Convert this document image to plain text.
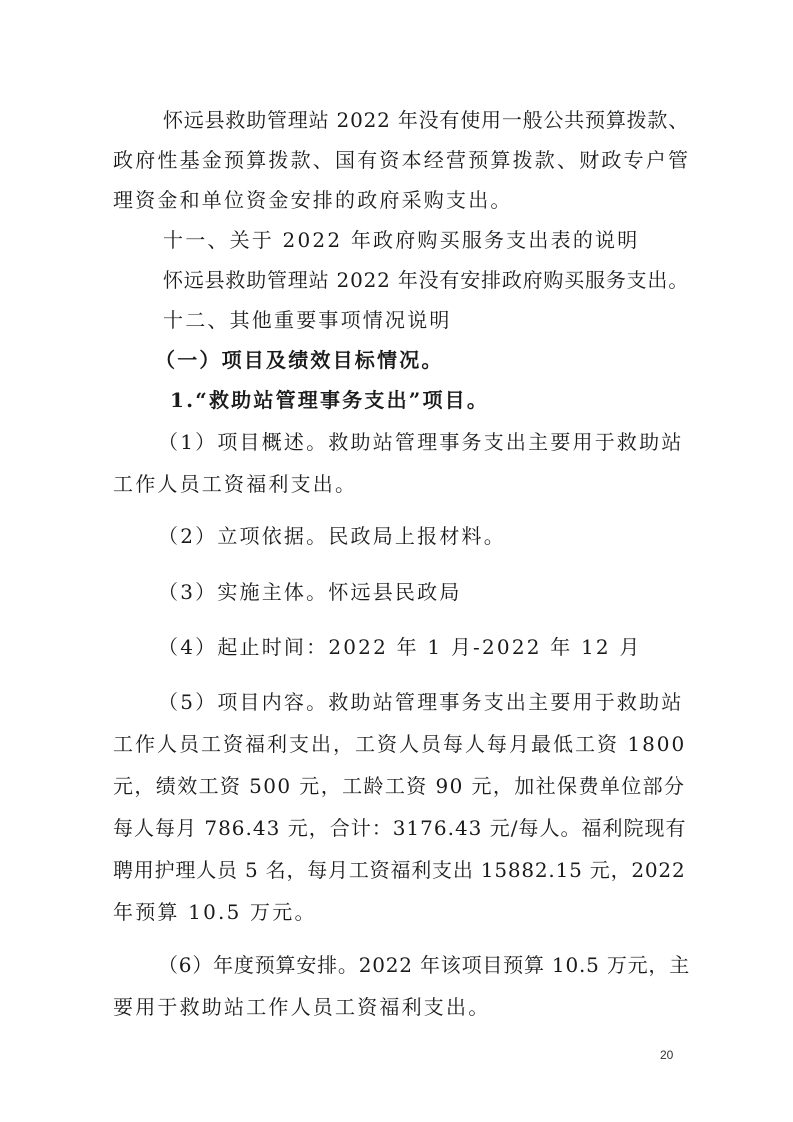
怀远县救助管理站 2022 年没有使用一般公共预算拨款、
政府性基金预算拨款、国有资本经营预算拨款、财政专户管
理资金和单位资金安排的政府采购支出。
十一、关于 2022 年政府购买服务支出表的说明
怀远县救助管理站 2022 年没有安排政府购买服务支出。
十二、其他重要事项情况说明
（一）项目及绩效目标情况。
1.“救助站管理事务支出”项目。
（1）项目概述。救助站管理事务支出主要用于救助站
工作人员工资福利支出。
（2）立项依据。民政局上报材料。
（3）实施主体。怀远县民政局
（4）起止时间：2022 年 1 月-2022 年 12 月
（5）项目内容。救助站管理事务支出主要用于救助站
工作人员工资福利支出，工资人员每人每月最低工资 1800
元，绩效工资 500 元，工龄工资 90 元，加社保费单位部分
每人每月 786.43 元，合计：3176.43 元/每人。福利院现有
聘用护理人员 5 名，每月工资福利支出 15882.15 元，2022
年预算 10.5 万元。
（6）年度预算安排。2022 年该项目预算 10.5 万元，主
要用于救助站工作人员工资福利支出。
20
